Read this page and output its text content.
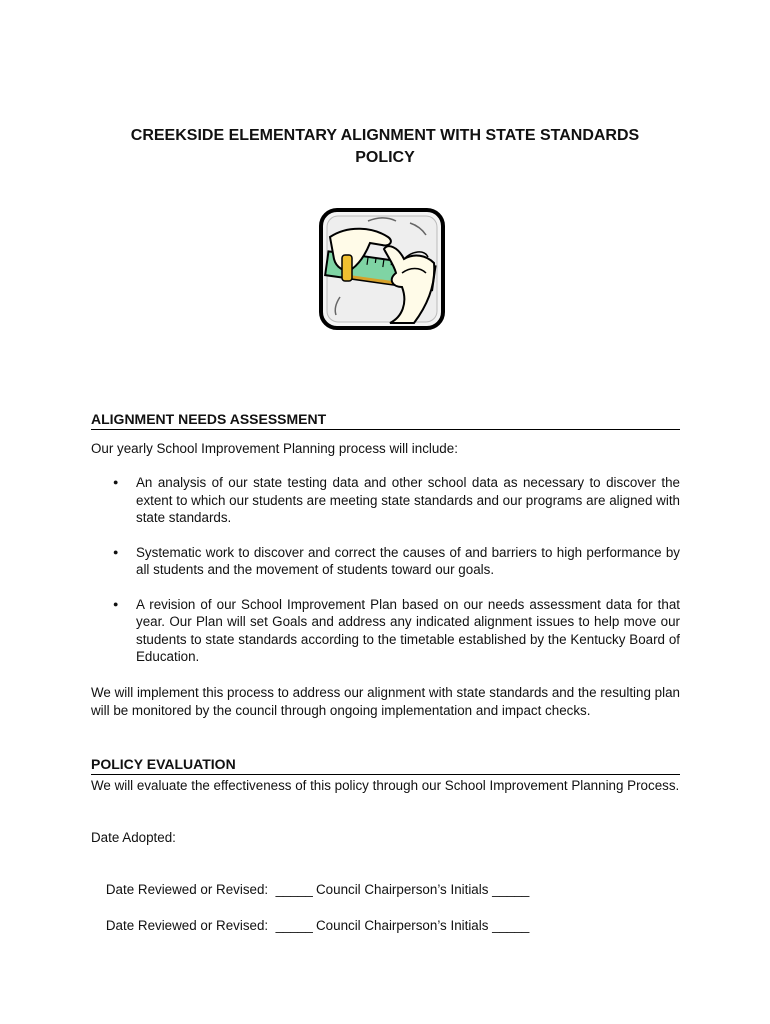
CREEKSIDE ELEMENTARY ALIGNMENT WITH STATE STANDARDS
POLICY
ALIGNMENT NEEDS ASSESSMENT
Our yearly School Improvement Planning process will include:
● An analysis of our state testing data and other school data as necessary to discover the extent to which our students are meeting state standards and our programs are aligned with state standards.
● Systematic work to discover and correct the causes of and barriers to high performance by all students and the movement of students toward our goals.
● A revision of our School Improvement Plan based on our needs assessment data for that year. Our Plan will set Goals and address any indicated alignment issues to help move our students to state standards according to the timetable established by the Kentucky Board of Education.
We will implement this process to address our alignment with state standards and the resulting plan will be monitored by the council through ongoing implementation and impact checks.
POLICY EVALUATION
We will evaluate the effectiveness of this policy through our School Improvement Planning Process.
Date Adopted:

Date Reviewed or Revised:  _____ Council Chairperson’s Initials _____

Date Reviewed or Revised:  _____ Council Chairperson’s Initials _____
